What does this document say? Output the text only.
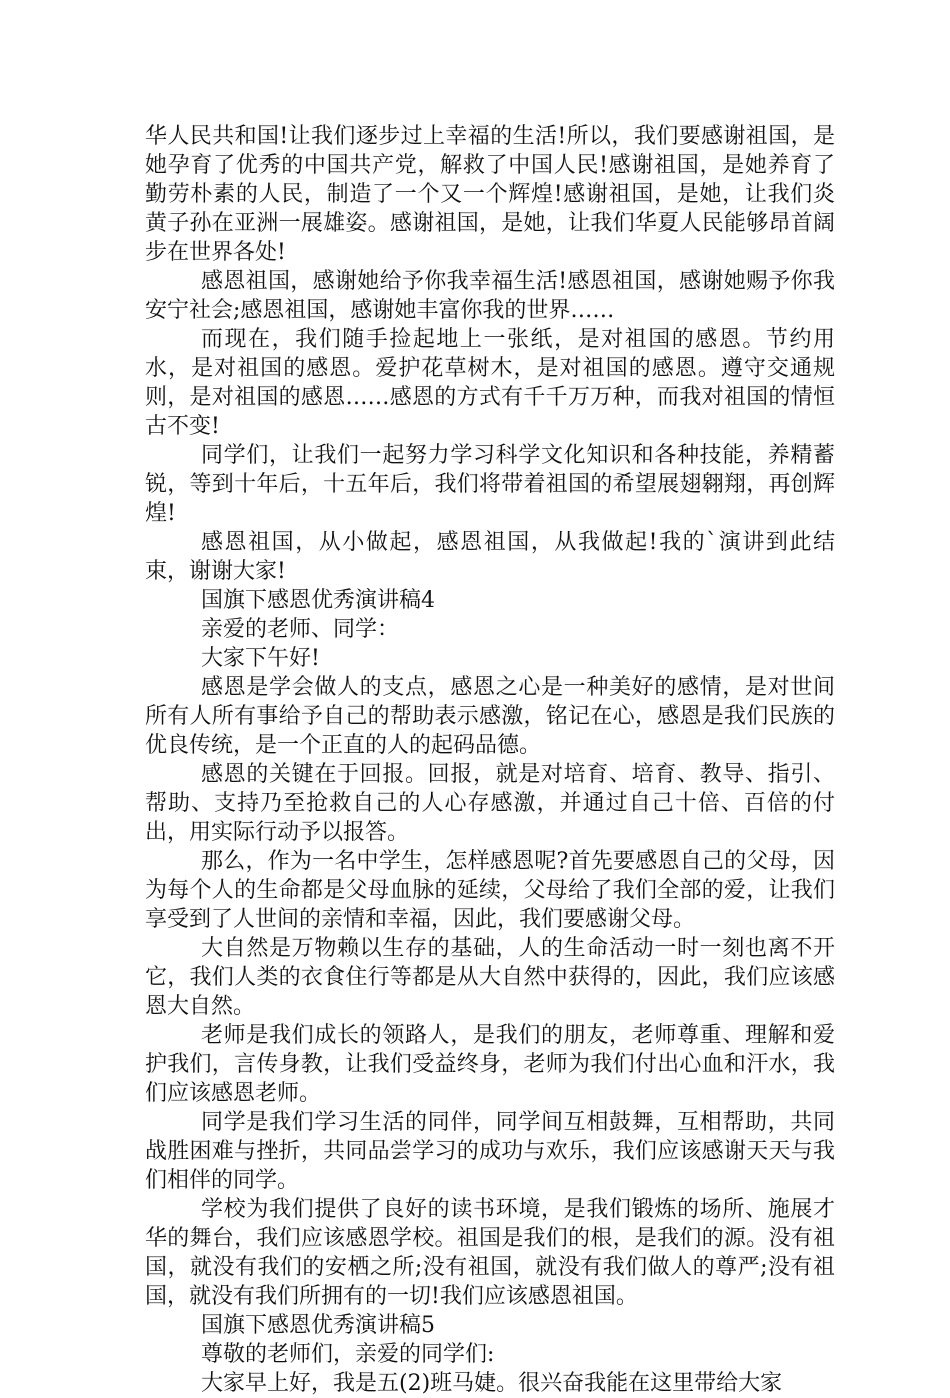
华人民共和国!让我们逐步过上幸福的生活!所以，我们要感谢祖国，是她孕育了优秀的中国共产党，解救了中国人民!感谢祖国，是她养育了勤劳朴素的人民，制造了一个又一个辉煌!感谢祖国，是她，让我们炎黄子孙在亚洲一展雄姿。感谢祖国，是她，让我们华夏人民能够昂首阔步在世界各处!

感恩祖国，感谢她给予你我幸福生活!感恩祖国，感谢她赐予你我安宁社会;感恩祖国，感谢她丰富你我的世界……

而现在，我们随手捡起地上一张纸，是对祖国的感恩。节约用水，是对祖国的感恩。爱护花草树木，是对祖国的感恩。遵守交通规则，是对祖国的感恩……感恩的方式有千千万万种，而我对祖国的情恒古不变!

同学们，让我们一起努力学习科学文化知识和各种技能，养精蓄锐，等到十年后，十五年后，我们将带着祖国的希望展翅翱翔，再创辉煌!

感恩祖国，从小做起，感恩祖国，从我做起!我的`演讲到此结束，谢谢大家!

国旗下感恩优秀演讲稿4

亲爱的老师、同学：

大家下午好!

感恩是学会做人的支点，感恩之心是一种美好的感情，是对世间所有人所有事给予自己的帮助表示感激，铭记在心，感恩是我们民族的优良传统，是一个正直的人的起码品德。

感恩的关键在于回报。回报，就是对培育、培育、教导、指引、帮助、支持乃至抢救自己的人心存感激，并通过自己十倍、百倍的付出，用实际行动予以报答。

那么，作为一名中学生，怎样感恩呢?首先要感恩自己的父母，因为每个人的生命都是父母血脉的延续，父母给了我们全部的爱，让我们享受到了人世间的亲情和幸福，因此，我们要感谢父母。

大自然是万物赖以生存的基础，人的生命活动一时一刻也离不开它，我们人类的衣食住行等都是从大自然中获得的，因此，我们应该感恩大自然。

老师是我们成长的领路人，是我们的朋友，老师尊重、理解和爱护我们，言传身教，让我们受益终身，老师为我们付出心血和汗水，我们应该感恩老师。

同学是我们学习生活的同伴，同学间互相鼓舞，互相帮助，共同战胜困难与挫折，共同品尝学习的成功与欢乐，我们应该感谢天天与我们相伴的同学。

学校为我们提供了良好的读书环境，是我们锻炼的场所、施展才华的舞台，我们应该感恩学校。祖国是我们的根，是我们的源。没有祖国，就没有我们的安栖之所;没有祖国，就没有我们做人的尊严;没有祖国，就没有我们所拥有的一切!我们应该感恩祖国。

国旗下感恩优秀演讲稿5

尊敬的老师们，亲爱的同学们:

大家早上好，我是五(2)班马婕。很兴奋我能在这里带给大家
